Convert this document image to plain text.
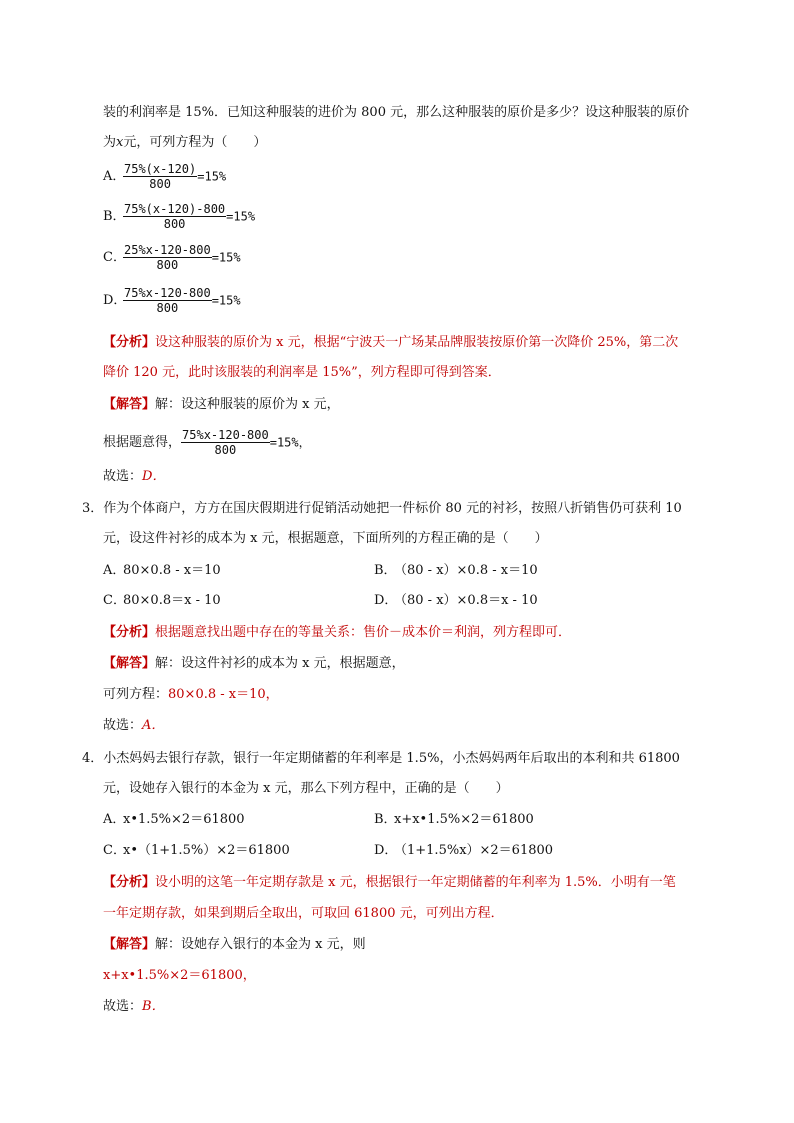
装的利润率是 15%．已知这种服装的进价为 800 元，那么这种服装的原价是多少？设这种服装的原价
为x元，可列方程为（　　）
A．
$\frac{75\%(x-120)}{800} =15\%$
B．
$\frac{75\%(x-120)-800}{800} =15\%$
C．
$\frac{25\%x-120-800}{800} =15\%$
D．
$\frac{75\%x-120-800}{800} =15\%$
【分析】设这种服装的原价为 x 元，根据“宁波天一广场某品牌服装按原价第一次降价 25%，第二次
降价 120 元，此时该服装的利润率是 15%”，列方程即可得到答案．
【解答】解：设这种服装的原价为 x 元，
根据题意得， $\frac{75\%x-120-800}{800} =15\%$，
故选：D．
3．作为个体商户，方方在国庆假期进行促销活动她把一件标价 80 元的衬衫，按照八折销售仍可获利 10
元，设这件衬衫的成本为 x 元，根据题意，下面所列的方程正确的是（　　）
A．80×0.8 - x＝10	B．（80 - x）×0.8 - x＝10
C．80×0.8＝x - 10	D．（80 - x）×0.8＝x - 10
【分析】根据题意找出题中存在的等量关系：售价－成本价＝利润，列方程即可．
【解答】解：设这件衬衫的成本为 x 元，根据题意，
可列方程：80×0.8 - x＝10，
故选：A．
4．小杰妈妈去银行存款，银行一年定期储蓄的年利率是 1.5%，小杰妈妈两年后取出的本利和共 61800
元，设她存入银行的本金为 x 元，那么下列方程中，正确的是（　　）
A．x•1.5%×2＝61800	B．x+x•1.5%×2＝61800
C．x•（1+1.5%）×2＝61800	D．（1+1.5%x）×2＝61800
【分析】设小明的这笔一年定期存款是 x 元，根据银行一年定期储蓄的年利率为 1.5%．小明有一笔
一年定期存款，如果到期后全取出，可取回 61800 元，可列出方程．
【解答】解：设她存入银行的本金为 x 元，则
x+x•1.5%×2＝61800，
故选：B．
